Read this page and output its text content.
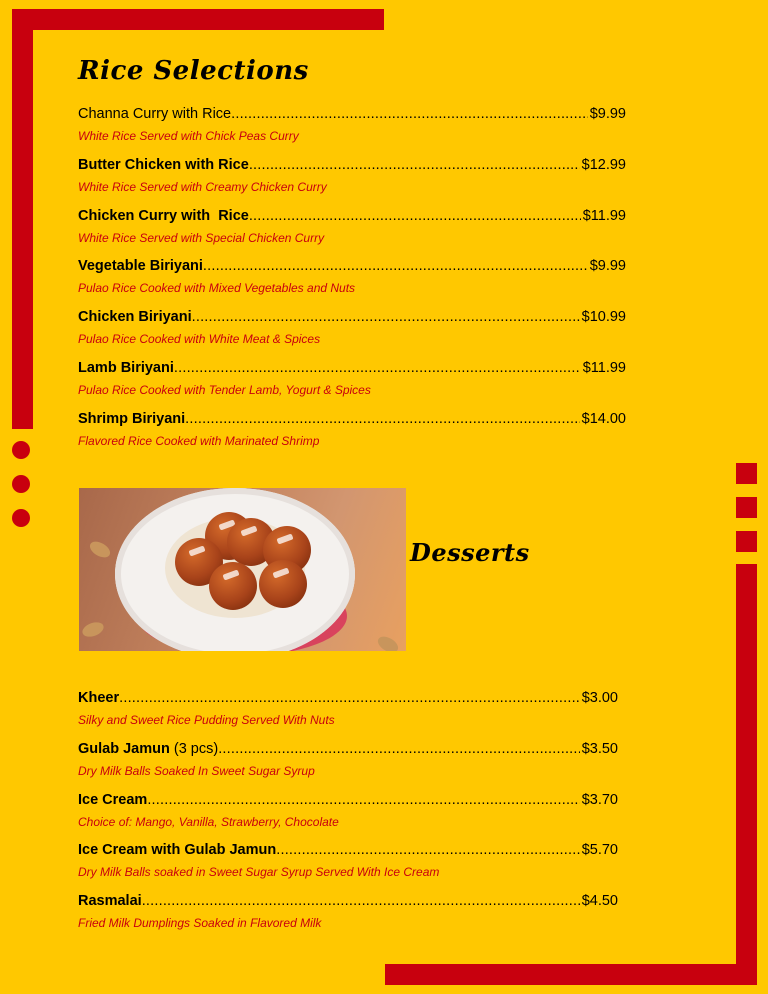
Rice Selections
Channa Curry with Rice .....	$9.99
White Rice Served with Chick Peas Curry
Butter Chicken with Rice .....	$12.99
White Rice Served with Creamy Chicken Curry
Chicken Curry with  Rice .....	$11.99
White Rice Served with Special Chicken Curry
Vegetable Biriyani .....	$9.99
Pulao Rice Cooked with Mixed Vegetables and Nuts
Chicken Biriyani .....	$10.99
Pulao Rice Cooked with White Meat & Spices
Lamb Biriyani .....	$11.99
Pulao Rice Cooked with Tender Lamb, Yogurt & Spices
Shrimp Biriyani .....	$14.00
Flavored Rice Cooked with Marinated Shrimp
Desserts
Kheer .....	$3.00
Silky and Sweet Rice Pudding Served With Nuts
Gulab Jamun (3 pcs) .....	$3.50
Dry Milk Balls Soaked In Sweet Sugar Syrup
Ice Cream .....	$3.70
Choice of: Mango, Vanilla, Strawberry, Chocolate
Ice Cream with Gulab Jamun .....	$5.70
Dry Milk Balls soaked in Sweet Sugar Syrup Served With Ice Cream
Rasmalai .....	$4.50
Fried Milk Dumplings Soaked in Flavored Milk
